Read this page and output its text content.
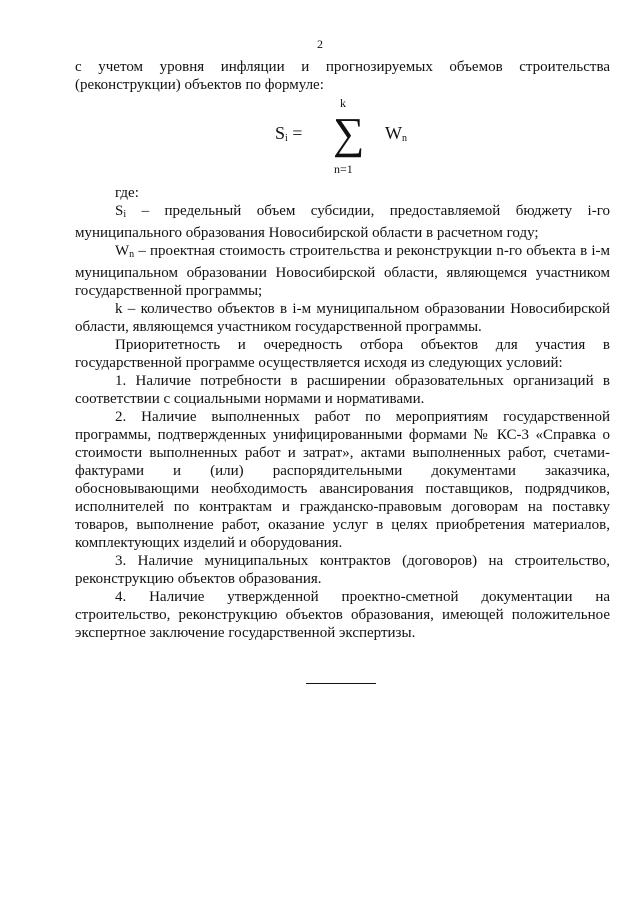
2

с учетом уровня инфляции и прогнозируемых объемов строительства (реконструкции) объектов по формуле:

k
$S_i$ = ∑ $W_n$
n=1

где:

$S_i$ – предельный объем субсидии, предоставляемой бюджету i-го муниципального образования Новосибирской области в расчетном году;

$W_n$ – проектная стоимость строительства и реконструкции n-го объекта в i-м муниципальном образовании Новосибирской области, являющемся участником государственной программы;

k – количество объектов в i-м муниципальном образовании Новосибирской области, являющемся участником государственной программы.

Приоритетность и очередность отбора объектов для участия в государственной программе осуществляется исходя из следующих условий:

1. Наличие потребности в расширении образовательных организаций в соответствии с социальными нормами и нормативами.

2. Наличие выполненных работ по мероприятиям государственной программы, подтвержденных унифицированными формами № КС-3 «Справка о стоимости выполненных работ и затрат», актами выполненных работ, счетами-фактурами и (или) распорядительными документами заказчика, обосновывающими необходимость авансирования поставщиков, подрядчиков, исполнителей по контрактам и гражданско-правовым договорам на поставку товаров, выполнение работ, оказание услуг в целях приобретения материалов, комплектующих изделий и оборудования.

3. Наличие муниципальных контрактов (договоров) на строительство, реконструкцию объектов образования.

4. Наличие утвержденной проектно-сметной документации на строительство, реконструкцию объектов образования, имеющей положительное экспертное заключение государственной экспертизы.
